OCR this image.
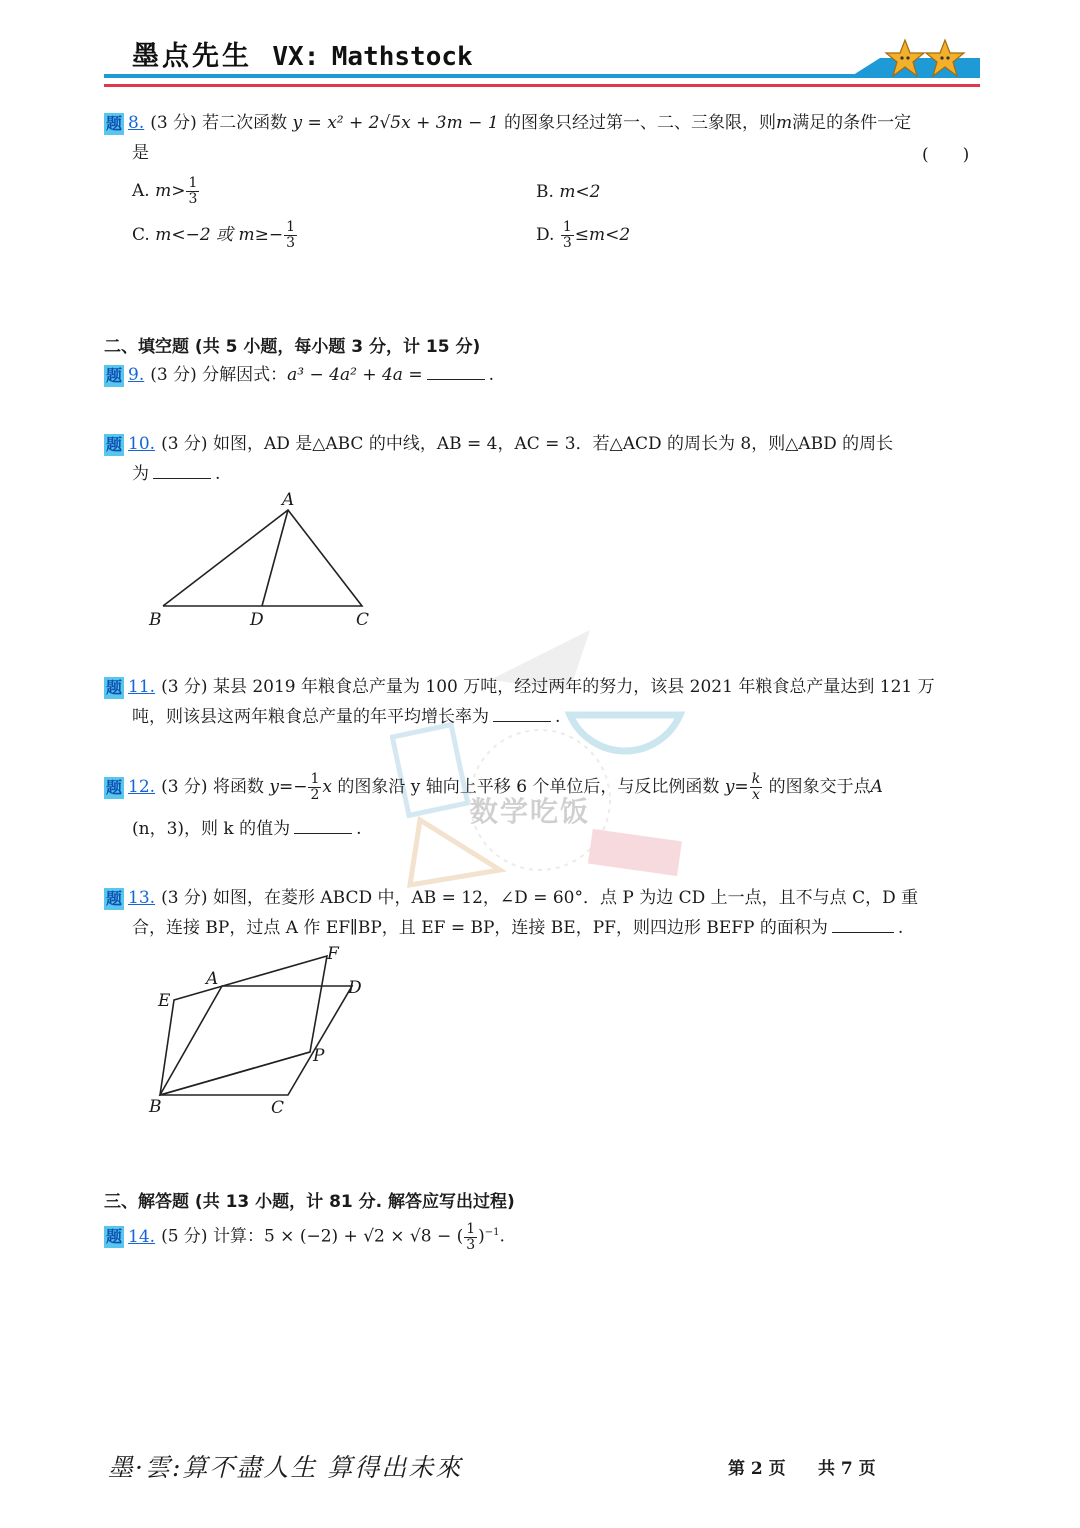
墨点先生 VX: Mathstock
题 8. (3 分) 若二次函数 y = x² + 2√5x + 3m − 1 的图象只经过第一、二、三象限，则m满足的条件一定
是	(　　)
A. $m> \frac{1}{3}$	B. m<2
C. m<−2 或 $m\ge- \frac{1}{3}$	D. $\frac{1}{3} \le m<2$
二、填空题 (共 5 小题，每小题 3 分，计 15 分)
题 9. (3 分) 分解因式：a³ − 4a² + 4a =	.
题 10. (3 分) 如图，AD 是△ABC 的中线，AB = 4，AC = 3．若△ACD 的周长为 8，则△ABD 的周长
为	.
A
B	D	C
数学吃饭
题 11. (3 分) 某县 2019 年粮食总产量为 100 万吨，经过两年的努力，该县 2021 年粮食总产量达到 121 万
吨，则该县这两年粮食总产量的年平均增长率为	.
题 12. (3 分) 将函数 $y=- \frac{1}{2}$ x 的图象沿 y 轴向上平移 6 个单位后，与反比例函数 $y= \frac{k}{x}$ 的图象交于点A
(n，3)，则 k 的值为	.
题 13. (3 分) 如图，在菱形 ABCD 中，AB = 12，∠D = 60°．点 P 为边 CD 上一点，且不与点 C，D 重
合，连接 BP，过点 A 作 EF∥BP，且 EF = BP，连接 BE，PF，则四边形 BEFP 的面积为	.
F
A
E
D
P
B	C
三、解答题 (共 13 小题，计 81 分. 解答应写出过程)
题 14. (5 分) 计算：5 × (−2) + √2 × √8 − ( $\frac{1}{3} )^{-1}$.
墨·雲:算不盡人生 算得出未來	第 2 页 共 7 页
